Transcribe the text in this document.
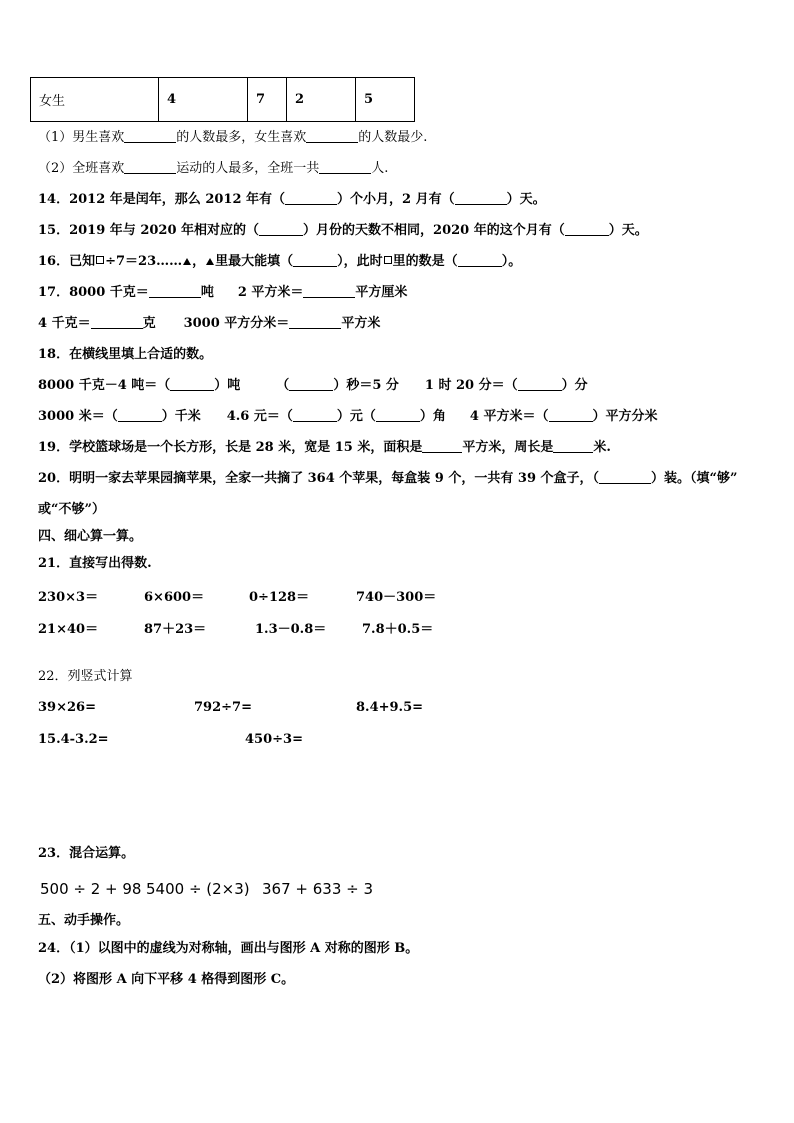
女生	4	7	2	5
（1）男生喜欢	的人数最多，女生喜欢	的人数最少.
（2）全班喜欢	运动的人最多，全班一共	人.
14．2012 年是闰年，那么 2012 年有（	）个小月，2 月有（	）天。
15．2019 年与 2020 年相对应的（	）月份的天数不相同，2020 年的这个月有（	）天。
16．已知 ÷7＝23…… ， 里最大能填（	），此时 里的数是（	）。
17．8000 千克＝	吨 2 平方米＝	平方厘米
4 千克＝	克 3000 平方分米＝	平方米
18．在横线里填上合适的数。
8000 千克－4 吨＝（	）吨	（	）秒＝5 分 1 时 20 分＝（	）分
3000 米＝（	）千米 4.6 元＝（	）元（	）角 4 平方米＝（	）平方分米
19．学校篮球场是一个长方形，长是 28 米，宽是 15 米，面积是	平方米，周长是	米.
20．明明一家去苹果园摘苹果，全家一共摘了 364 个苹果，每盒装 9 个，一共有 39 个盒子，（	）装。（填“够”
或“不够”）
四、细心算一算。
21．直接写出得数.
230×3＝	6×600＝	0÷128＝	740－300＝
21×40＝	87＋23＝	1.3－0.8＝	7.8＋0.5＝
22．列竖式计算
39×26=	792÷7=	8.4+9.5=
15.4-3.2=	450÷3=
23．混合运算。
500 ÷ 2 + 98 5400 ÷ (2×3) 367 + 633 ÷ 3
五、动手操作。
24．（1）以图中的虚线为对称轴，画出与图形 A 对称的图形 B。
（2）将图形 A 向下平移 4 格得到图形 C。
